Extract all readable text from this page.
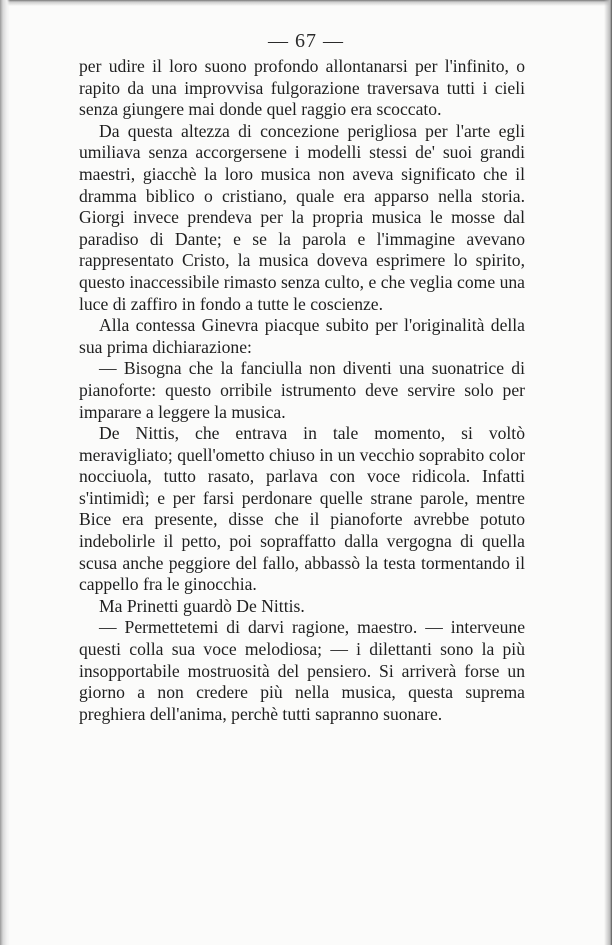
— 67 —

per udire il loro suono profondo allontanarsi per l'infinito, o rapito da una improvvisa fulgorazione traversava tutti i cieli senza giungere mai donde quel raggio era scoccato.

Da questa altezza di concezione perigliosa per l'arte egli umiliava senza accorgersene i modelli stessi de' suoi grandi maestri, giacchè la loro musica non aveva significato che il dramma biblico o cristiano, quale era apparso nella storia. Giorgi invece prendeva per la propria musica le mosse dal paradiso di Dante; e se la parola e l'immagine avevano rappresentato Cristo, la musica doveva esprimere lo spirito, questo inaccessibile rimasto senza culto, e che veglia come una luce di zaffiro in fondo a tutte le coscienze.

Alla contessa Ginevra piacque subito per l'originalità della sua prima dichiarazione:

— Bisogna che la fanciulla non diventi una suonatrice di pianoforte: questo orribile istrumento deve servire solo per imparare a leggere la musica.

De Nittis, che entrava in tale momento, si voltò meravigliato; quell'ometto chiuso in un vecchio soprabito color nocciuola, tutto rasato, parlava con voce ridicola. Infatti s'intimidì; e per farsi perdonare quelle strane parole, mentre Bice era presente, disse che il pianoforte avrebbe potuto indebolirle il petto, poi sopraffatto dalla vergogna di quella scusa anche peggiore del fallo, abbassò la testa tormentando il cappello fra le ginocchia.

Ma Prinetti guardò De Nittis.

— Permettetemi di darvi ragione, maestro. — interveune questi colla sua voce melodiosa; — i dilettanti sono la più insopportabile mostruosità del pensiero. Si arriverà forse un giorno a non credere più nella musica, questa suprema preghiera dell'anima, perchè tutti sapranno suonare.
